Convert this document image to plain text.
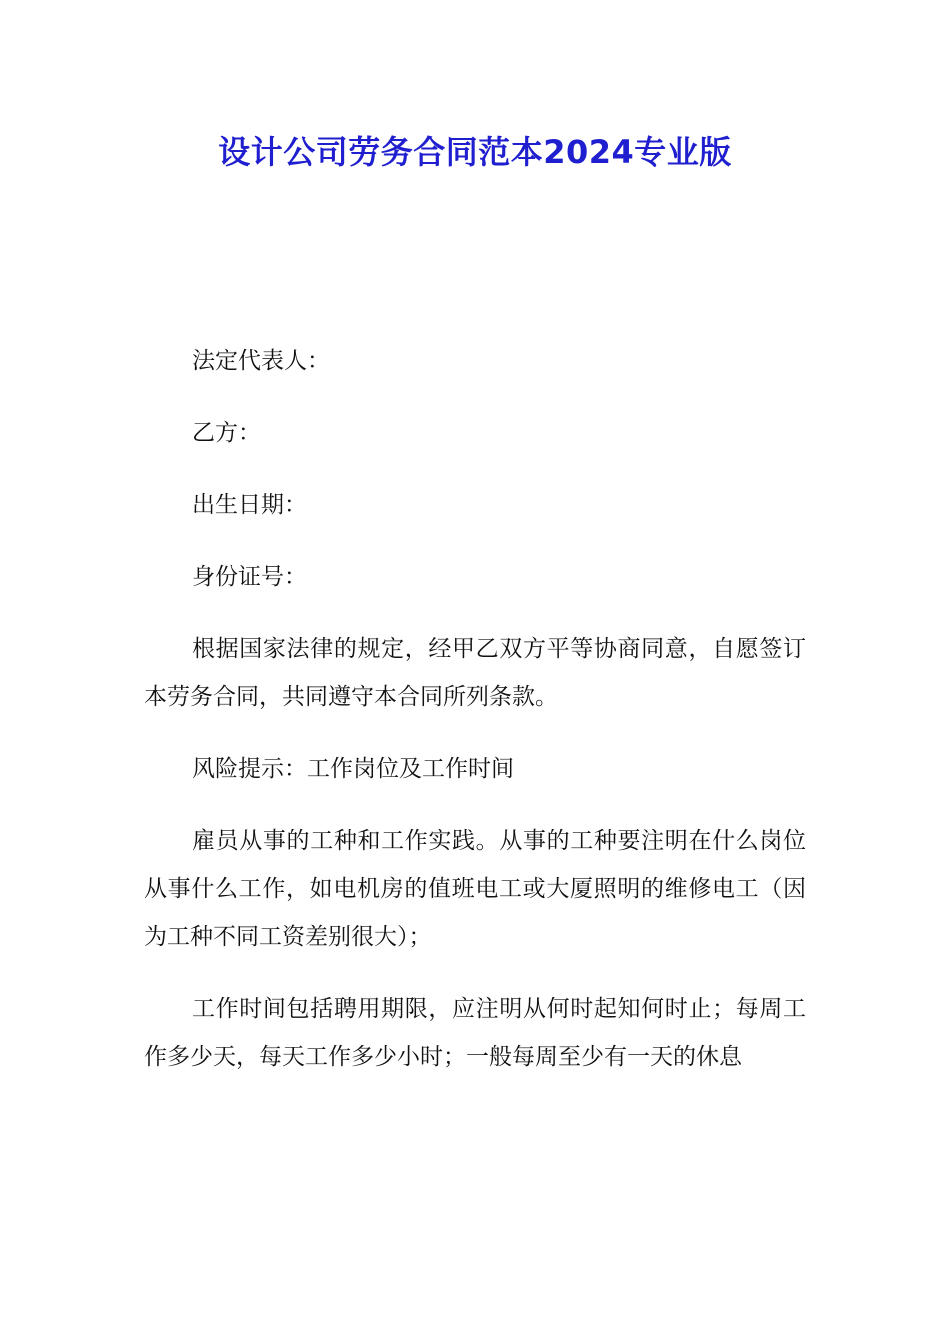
设计公司劳务合同范本2024专业版

法定代表人：

乙方：

出生日期：

身份证号：

根据国家法律的规定，经甲乙双方平等协商同意，自愿签订本劳务合同，共同遵守本合同所列条款。

风险提示：工作岗位及工作时间

雇员从事的工种和工作实践。从事的工种要注明在什么岗位从事什么工作，如电机房的值班电工或大厦照明的维修电工（因为工种不同工资差别很大）；

工作时间包括聘用期限，应注明从何时起知何时止；每周工作多少天，每天工作多少小时；一般每周至少有一天的休息
